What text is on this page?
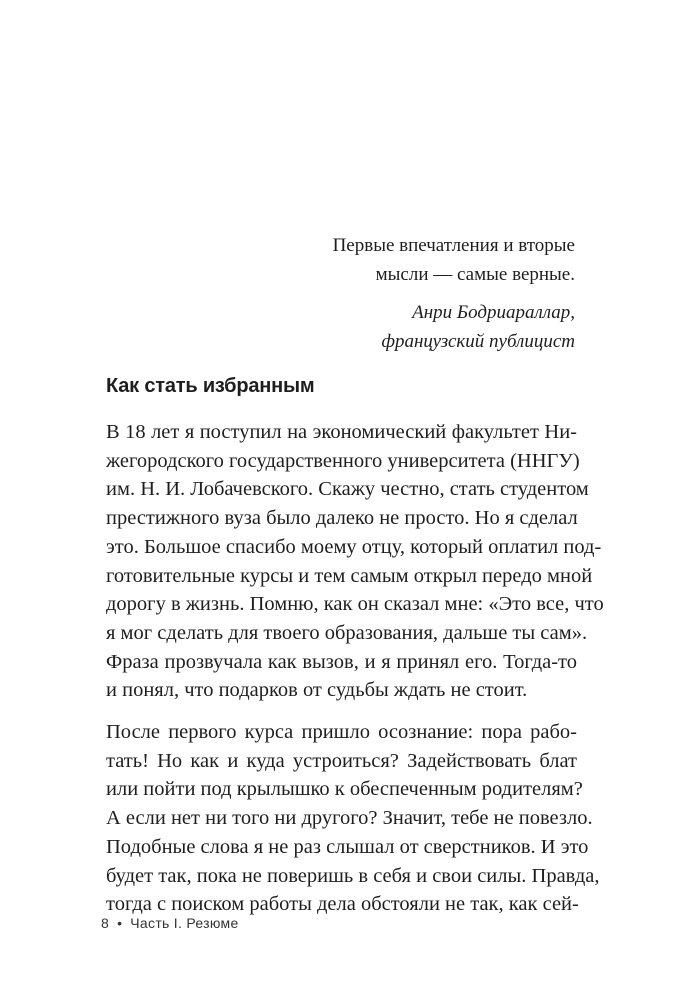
Первые впечатления и вторые
мысли — самые верные.

Анри Бодриараллар,
французский публицист

Как стать избранным
В 18 лет я поступил на экономический факультет Ни-
жегородского государственного университета (ННГУ)
им. Н. И. Лобачевского. Скажу честно, стать студентом
престижного вуза было далеко не просто. Но я сделал
это. Большое спасибо моему отцу, который оплатил под-
готовительные курсы и тем самым открыл передо мной
дорогу в жизнь. Помню, как он сказал мне: «Это все, что
я мог сделать для твоего образования, дальше ты сам».
Фраза прозвучала как вызов, и я принял его. Тогда-то
и понял, что подарков от судьбы ждать не стоит.
После первого курса пришло осознание: пора рабо-
тать! Но как и куда устроиться? Задействовать блат
или пойти под крылышко к обеспеченным родителям?
А если нет ни того ни другого? Значит, тебе не повезло.
Подобные слова я не раз слышал от сверстников. И это
будет так, пока не поверишь в себя и свои силы. Правда,
тогда с поиском работы дела обстояли не так, как сей-
8 • Часть I. Резюме
